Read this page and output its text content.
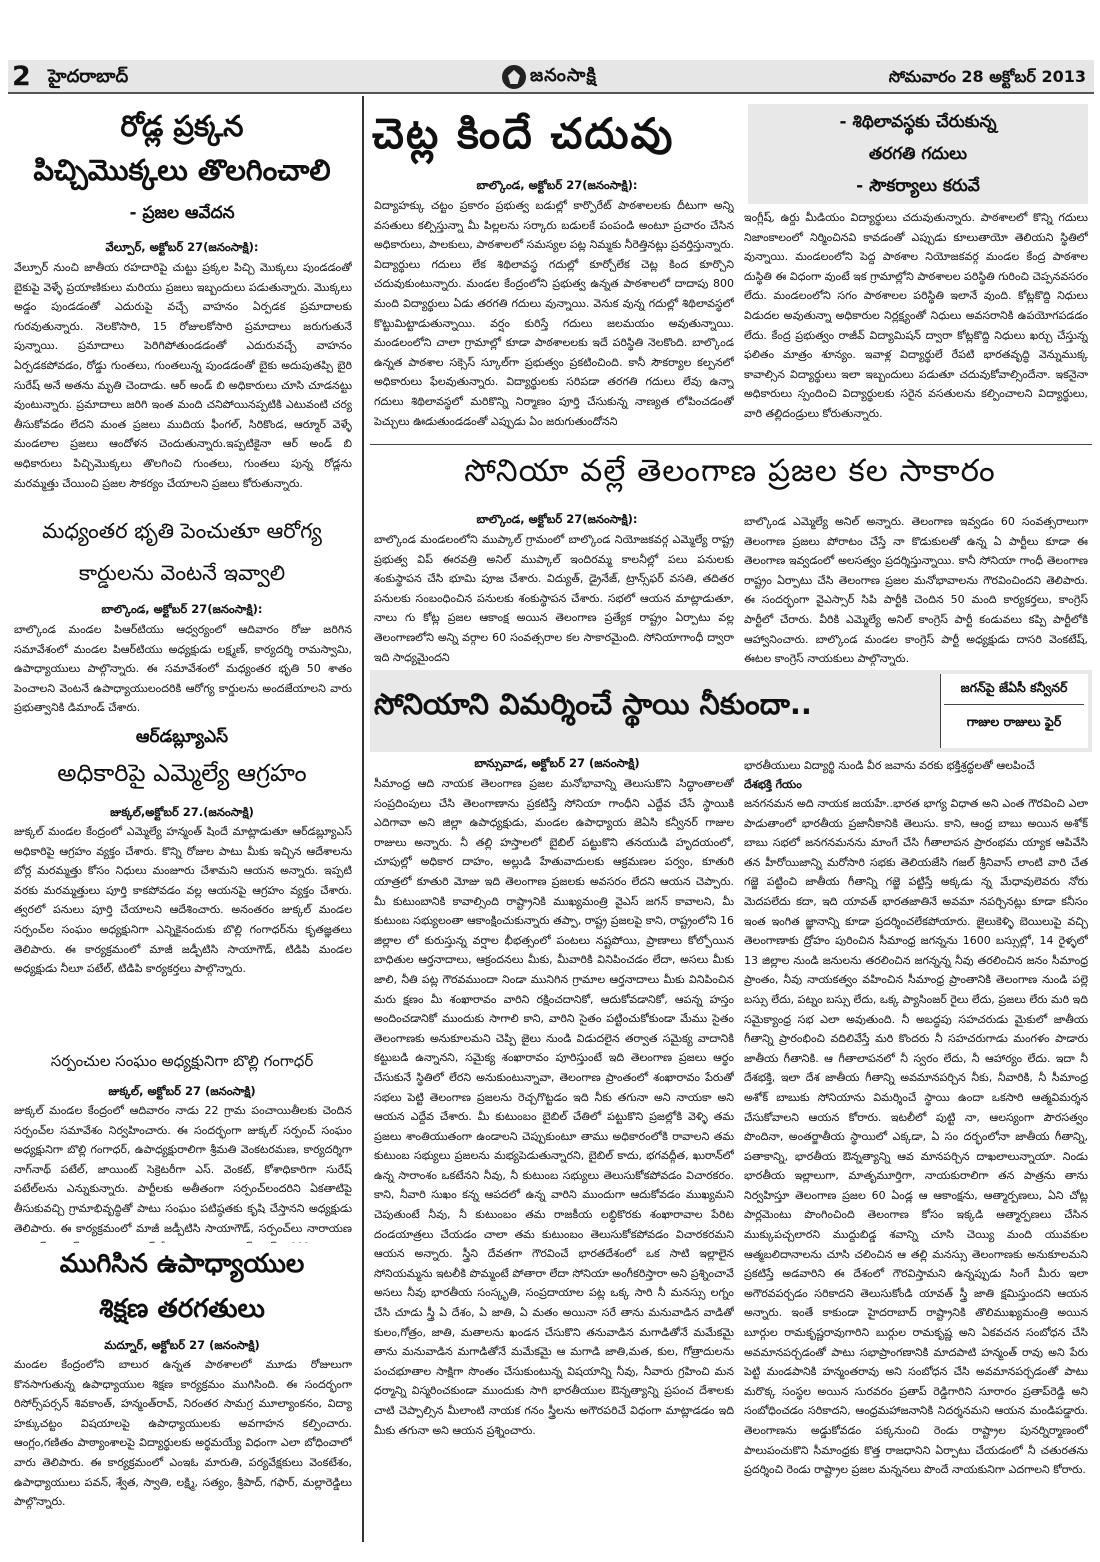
2 హైదరాబాద్	జనంసాక్షి	సోమవారం 28 అక్టోబర్ 2013
రోడ్ల ప్రక్కన
పిచ్చిమొక్కలు తొలగించాలి
- ప్రజల ఆవేదన
వేల్పూర్‌, అక్టోబర్‌ 27(జనంసాక్షి):
వేల్పూర్‌ నుంచి జాతీయ రహదారిపై చుట్టు ప్రక్కల పిచ్చి మొక్కలు పుండడంతో బైకుపై వెళ్ళే ప్రయాణికులు మరియు ప్రజలు ఇబ్బందులు పడుతున్నారు. మొక్కలు అడ్డం పుండడంతో ఎదురుపై వచ్చే వాహనం ఏర్పడక ప్రమాదాలకు గురవుతున్నారు. నెలకొసారి, 15 రోజులకోసారి ప్రమాదాలు జరుగుతునే పున్నాయి. ప్రమాదాలు పెరిగిపోతుండడంతో ఎదురువచ్చే వాహనం ఏర్పడకపోవడం, రోడ్డు గుంతలు, గుంతలున్న పుండడంతో బైకు అదుపుతప్పి బైరి సురేష్‌ అనే అతను మృతి చెందాడు. ఆర్‌ అండ్‌ బి అధికారులు చూసి చూడనట్టు వుంటున్నారు. ప్రమాదాలు జరిగి ఇంత మంది చనిపోయినప్పటికి ఎటువంటి చర్య తీసుకోవడం లేదని మంత ప్రజలు ముదియ ఫీంగల్‌, సిరికొండ, ఆర్మూర్‌ వెళ్ళే మండలాల ప్రజలు ఆందోళన చెందుతున్నారు.ఇప్పటికైనా ఆర్‌ అండ్‌ బి అధికారులు పిచ్చిమొక్కలు తొలగించి గుంతలు, గుంతలు పున్న రోడ్లను మరమ్మత్తు చేయించి ప్రజల సౌకర్యం చేయాలని ప్రజలు కోరుతున్నారు.
మధ్యంతర భృతి పెంచుతూ ఆరోగ్య
కార్డులను వెంటనే ఇవ్వాలి
బాల్కొండ, అక్టోబర్‌ 27(జనంసాక్షి):
బాల్కొండ మండల పిఆర్‌టియు ఆధ్వర్యంలో ఆదివారం రోజు జరిగిన సమావేశంలో మండల పిఆర్‌టియు అధ్యక్షుడు లక్ష్మణ్‌, కార్యదర్శి రామస్వామి, ఉపాధ్యాయులు పాల్గొన్నారు. ఈ సమావేశంలో మధ్యంతర భృతి 50 శాతం పెంచాలని వెంటనే ఉపాధ్యాయులందరికి ఆరోగ్య కార్డులను అందజేయాలని వారు ప్రభుత్వానికి డిమాండ్‌ చేశారు.
ఆర్‌డబ్ల్యూఎస్‌
అధికారిపై ఎమ్మెల్యే ఆగ్రహం
జుక్కల్‌,అక్టోబర్‌ 27.(జనంసాక్షి)
జుక్కల్‌ మండల కేంద్రంలో ఎమ్మెల్యే హన్మంత్‌ షిందే మాట్లాడుతూ ఆర్‌డబ్ల్యూఎస్‌ అధికారిపై ఆగ్రహం వ్యక్తం చేశారు. కొన్ని రోజుల పాటు మీకు ఇచ్చిన ఆదేశాలను బోర్ల మరమ్మత్తు కోసం నిధులు మంజూరు చేశామని ఆయన అన్నారు. ఇప్పటి వరకు మరమ్మత్తులు పూర్తి కాకపోవడం వల్ల ఆయనపై ఆగ్రహం వ్యక్తం చేశారు. త్వరలో పనులు పూర్తి చేయాలని ఆదేశించారు. అనంతరం జుక్కల్‌ మండల సర్పంచ్‌ల సంఘం అధ్యక్షునిగా ఎన్నికైనందుకు బొల్లి గంగాధర్‌ను కృతజ్ఞతలు తెలిపారు. ఈ కార్యక్రమంలో మాజీ జడ్పీటిసి సాయాగౌడ్‌, టిడిపి మండల అధ్యక్షుడు నీలూ పటేల్‌, టిడిపి కార్యకర్తలు పాల్గొన్నారు.
సర్పంచుల సంఘం అధ్యక్షునిగా బొల్లి గంగాధర్‌
జుక్కల్‌, అక్టోబర్‌ 27 (జనంసాక్షి)
జుక్కల్‌ మండల కేంద్రంలో ఆదివారం నాడు 22 గ్రామ పంచాయితీలకు చెందిన సర్పంచ్‌ల సమావేశం నిర్వహించారు. ఈ సందర్భంగా జుక్కల్‌ సర్పంచ్‌ సంఘం అధ్యక్షునిగా బొల్లి గంగాధర్‌, ఉపాధ్యక్షురాలిగా శ్రీమతి వెంకటరమణ, కార్యదర్శిగా నాగ్‌నాథ్‌ పటేల్‌, జాయింట్‌ సెక్రెటరీగా ఎస్‌. వెంకట్‌, కోశాధికారిగా సురేష్‌ పటేల్‌లను ఎన్నుకున్నారు. పార్టీలకు అతీతంగా సర్పంచ్‌లందరిని ఏకతాటిపై తీసుకువచ్చి గ్రామాభివృద్ధితో పాటు సంఘం పటిష్ఠతకు కృషి చేస్తానని అధ్యక్షుడు తెలిపారు. ఈ కార్యక్రమంలో మాజీ జడ్పీటిసి సాయాగౌడ్‌, సర్పంచ్‌లు నారాయణ
ముగిసిన ఉపాధ్యాయుల
శిక్షణ తరగతులు
మద్నూర్‌, అక్టోబర్‌ 27 (జనంసాక్షి)
మండల కేంద్రంలోని బాలుర ఉన్నత పాఠశాలలో మూడు రోజులుగా కొనసాగుతున్న ఉపాధ్యాయుల శిక్షణ కార్యక్రమం ముగిసింది. ఈ సందర్భంగా రిసోర్స్‌పర్సన్‌ శివకాంత్‌, హన్మంత్‌రావ్‌, నిరంతర సామగ్ర మూల్యాంకనం, విద్యా హక్కుచట్టం విషయాలపై ఉపాధ్యాయులకు అవగాహన కల్పించారు. ఆంగ్లం,గణితం పాఠ్యాంశాలపై విద్యార్థులకు అర్థమయ్యే విధంగా ఎలా బోధించాలో వారు తెలిపారు. ఈ కార్యక్రమంలో ఎంఇఓ మారుతి, పర్యవేక్షకులు వెంకటేశం, ఉపాధ్యాయులు పవన్‌, శ్వేత, స్వాతి, లక్ష్మి, సత్యం, శ్రీపాద్‌, గఫార్‌, మల్లారెడ్డిలు పాల్గొన్నారు.
చెట్ల కిందే చదువు	- శిథిలావస్థకు చేరుకున్న
తరగతి గదులు
- సౌకర్యాలు కరువే
బాల్కొండ, అక్టోబర్‌ 27(జనంసాక్షి):
విద్యాహక్కు చట్టం ప్రకారం ప్రభుత్వ బడుల్లో కార్పొరేట్‌ పాఠశాలలకు దీటుగా అన్ని వసతులు కల్పిస్తున్నా మీ పిల్లలను సర్కారు బడులకే పంపండి అంటూ ప్రచారం చేసిన అధికారులు, పాలకులు, పాఠశాలలో సమస్యల పట్ల నిమ్మకు నీరెత్తినట్లు ప్రవర్తిస్తున్నారు. విద్యార్థులు గదులు లేక శిథిలావస్థ గదుల్లో కూర్చోలేక చెట్ల కింద కూర్చొని చదువుకుంటున్నారు. మండల కేంద్రంలోని ప్రభుత్వ ఉన్నత పాఠశాలలో దాదాపు 800 మంది విద్యార్థులు ఏడు తరగతి గదులు వున్నాయి. వెనుక వున్న గదుల్లో శిథిలావస్థలో కొట్టుమిట్టాడుతున్నాయి. వర్షం కురిస్తే గదులు జలమయం అవుతున్నాయి. మండలంలోని చాలా గ్రామాల్లో కూడా పాఠశాలలకు ఇదే పరిస్థితి నెలకొంది. బాల్కొండ ఉన్నత పాఠశాల సక్సెస్‌ స్కూల్‌గా ప్రభుత్వం ప్రకటించింది. కానీ సౌకర్యాల కల్పనలో అధికారులు ఫేలవుతున్నారు. విద్యార్థులకు సరిపడా తరగతి గదులు లేవు ఉన్నా గదులు శిథిలావస్థలో మరికొన్ని నిర్మాణం పూర్తి చేసుకున్న నాణ్యత లోపించడంతో పెచ్చులు ఊడుతుండడంతో ఎప్పుడు ఏం జరుగుతుందోనని
ఇంగ్లీష్‌, ఉర్దు మీడియం విద్యార్థులు చదువుతున్నారు. పాఠశాలలో కొన్ని గదులు నిజాంకాలంలో నిర్మించినవి కావడంతో ఎప్పుడు కూలుతాయో తెలియని స్థితిలో వున్నాయి. మండలంలోని పెద్ద పాఠశాల నియోజకవర్గ మండల కేంద్ర పాఠశాల దుస్థితి ఈ విధంగా వుంటే ఇక గ్రామాల్లోని పాఠశాలల పరిస్థితి గురించి చెప్పనవసరం లేదు. మండలంలోని సగం పాఠశాలల పరిస్థితి ఇలానే వుంది. కోట్లకొద్ది నిధులు విడుదల అవుతున్నా అధికారుల నిర్లక్ష్యంతో నిధులు అవసరానికి ఉపయోగపడడం లేదు. కేంద్ర ప్రభుత్వం రాజీవ్‌ విద్యామిషన్‌ ద్వారా కోట్లకొద్ది నిధులు ఖర్చు చేస్తున్న ఫలితం మాత్రం శూన్యం. ఇవాళ్ల విద్యార్థులే రేపటి భారతవృద్ధి వెన్నుముక్క కావాల్సిన విద్యార్థులు ఇలా ఇబ్బందులు పడుతూ చదువుకోవాల్సిందేనా. ఇకనైనా అధికారులు స్పందించి విద్యార్థులకు సరైన వసతులను కల్పించాలని విద్యార్థులు, వారి తల్లిదండ్రులు కోరుతున్నారు.
సోనియా వల్లే తెలంగాణ ప్రజల కల సాకారం
బాల్కొండ, అక్టోబర్‌ 27(జనంసాక్షి):
బాల్కొండ మండలంలోని ముప్కాల్‌ గ్రామంలో బాల్కొండ నియోజకవర్గ ఎమ్మెల్యే రాష్ట్ర ప్రభుత్వ విప్‌ ఈరవత్రి అనిల్‌ ముప్కాల్‌ ఇందిరమ్మ కాలనీల్లో పలు పనులకు శంకుస్థాపన చేసి భూమి పూజ చేశారు. విద్యుత్‌, డ్రైనేజ్‌, ట్రాన్స్‌ఫర్‌ వసతి, తదితర పనులకు సంబంధించిన పనులకు శంకుస్థాపన చేశారు. సభలో ఆయన మాట్లాడుతూ, నాలు గు కోట్ల ప్రజల ఆకాంక్ష అయిన తెలంగాణ ప్రత్యేక రాష్ట్రం ఏర్పాటు వల్ల తెలంగాణలోని అన్ని వర్గాల 60 సంవత్సరాల కల సాకారమైంది. సోనియాగాంధీ ద్వారా ఇది సాధ్యమైందని
బాల్కొండ ఎమ్మెల్యే అనిల్‌ అన్నారు. తెలంగాణ ఇవ్వడం 60 సంవత్సరాలుగా తెలంగాణ ప్రజలు పోరాటం చేస్తే నా కొడుకులతో ఉన్న ఏ పార్టీలు కూడా ఈ తెలంగాణ ఇవ్వడంలో అలసత్వం ప్రదర్శిస్తున్నాయి. కానీ సోనియా గాంధీ తెలంగాణ రాష్ట్రం ఏర్పాటు చేసి తెలంగాణ ప్రజల మనోభావాలను గౌరవించిందని తెలిపారు. ఈ సందర్భంగా వైఎస్సార్‌ సిపి పార్టీకి చెందిన 50 మంది కార్యకర్తలు, కాంగ్రెస్‌ పార్టీలో చేరారు. వీరికి ఎమ్మెల్యే అనిల్‌ కాంగ్రెస్‌ పార్టీ కండువలు కప్పి పార్టీలోకి ఆహ్వానించారు. బాల్కొండ మండల కాంగ్రెస్‌ పార్టీ అధ్యక్షుడు దాసరి వెంకటేష్‌, ఈటల కాంగ్రెస్‌ నాయకులు పాల్గొన్నారు.
సోనియాని విమర్శించే స్థాయి నీకుందా..	జగన్‌పై జేఏసీ కన్వీనర్‌
గాజుల రాజులు ఫైర్‌
బాన్సువాడ, అక్టోబర్‌ 27 (జనంసాక్షి)
సీమాంధ్ర ఆది నాయక తెలంగాణ ప్రజల మనోభావాన్ని తెలుసుకొని సిద్ధాంతాలతో సంప్రదింపులు చేసి తెలంగాణాను ప్రకటిస్తే సోనియా గాంధీని ఎద్దేవ చేసే స్థాయికి ఎదిగావా అని జిల్లా ఉపాధ్యక్షుడు, మండల ఉపాధ్యాయ జెఏసి కన్వీనర్‌ గాజుల రాజులు అన్నారు. నీ తల్లి హస్తాలలో బైబిల్‌ పట్టుకొని తనయుడి హృదయంలో, చూపుల్లో అధికార దాహం, అల్లుడి హేతువాదులకు ఆక్రమణల పర్వం, కూతురి యాత్రలో కూతురి మోజు ఇది తెలంగాణ ప్రజలకు అవసరం లేదని ఆయన చెప్పారు. మీ కుటుంబానికి కావాల్సింది రాష్ట్రానికి ముఖ్యమంత్రి వైఎస్‌ జగన్‌ కావాలని, మీ కుటుంబ సభ్యులంతా ఆకాంక్షించుకున్నారు తప్పా, రాష్ట్ర ప్రజలపై కాని, రాష్ట్రంలోని 16 జిల్లాల లో కురుస్తున్న వర్షాల భీభత్సంలో పంటలు నష్టపోయి, ప్రాణాలు కోల్పోయిన బాధితుల ఆర్తనాదాలు, ఆక్రందనలు మీకు, మీవారికి వినిపించడం లేదా, అసలు మీకు జాలి, నీతి పట్ల గౌరవముందా నిండా మునిగిన గ్రామాల ఆర్తనాదాలు మీకు వినిపించిన మరు క్షణం మీ శంఖారావం వారిని రక్షించదానికో, ఆదుకోవడానికో, ఆపన్న హస్తం అందించడానికో ముందుకు సాగాలి కాని, వారిని సైతం పట్టించుకోకుండా మేము సైతం తెలంగాణకు అనుకూలమని చెప్పి జైలు నుండి విడుదలైన తర్వాత సమైక్య వాదానికి కట్టుబడి ఉన్నానని, సమైక్య శంఖారావం పూరిస్తుంటే ఇది తెలంగాణ ప్రజలు ఆర్థం చేసుకునే స్థితిలో లేరని అనుకుంటున్నావా, తెలంగాణ ప్రాంతంలో శంఖారావం పేరుతో సభలు పెట్టి తెలంగాణ ప్రజలను రెచ్చగొట్టడం ఇది నీకు తగునా అని నాయకా అని ఆయన ఎద్దేవ చేశారు. మీ కుటుంబం బైబిల్‌ చేతిలో పట్టుకొని ప్రజల్లోకి వెళ్ళి తమ ప్రజలు శాంతియుతంగా ఉండాలని చెప్పుకుంటూ తాము అధికారంలోకి రావాలని తమ కుటుంబ సభ్యులు ప్రజలను మభ్యపెడుతున్నారని, బైబిల్‌ కాదు, భగవద్గీత, ఖురాన్‌లో ఉన్న సారాంశం ఒకటేనని నీవు, నీ కుటుంబ సభ్యులు తెలుసుకోకపోవడం విచారకరం. కాని, నీవారి సుఖం కన్న ఆపదలో ఉన్న వారిని ముందుగా ఆదుకోవడం ముఖ్యమని చెపుతుంటే నీవు, నీ కుటుంబం తమ రాజకీయ లబ్ధికొరకు శంఖారావాల పేరిట దండయాత్రలు చేయడం చాలా తమ కుటుంబం తెలుసుకోకపోవడం విచారకరమని ఆయన అన్నారు. స్త్రీని దేవతగా గౌరవించే భారతదేశంలో ఒక సాటి ఇల్లాలైన సోనియమ్మను ఇటలీకి పొమ్మంటే పోతారా లేదా సోనియా అంగీకరిస్తారా అని ప్రశ్నించావే అసలు నీవు భారతీయ సంస్కృతి, సంప్రదాయాల పట్ల ఒక్క సారి నీ మనస్సు లగ్నం చేసి చూడు స్త్రీ ఏ దేశం, ఏ జాతి, ఏ మతం అయినా సరే తాను మనువాడిన వాడితో కులం,గోత్రం, జాతి, మతాలను ఖండన చేసుకొని తనువాడిన మగాడితోనే మమేకమై తాను మనువాడిన మగాడితోనే మమేకమై ఆ మగాడి జాతి,మత, కుల, గోత్రాదులను పంచభూతాల సాక్షిగా సొంతం చేసుకుంటున్న విషయాన్ని నీవు, నీవారు గ్రహించి మన ధర్మాన్ని విస్మరించకుండా ముందుకు సాగి భారతీయుల ఔన్నత్యాన్ని ప్రపంచ దేశాలకు చాటి చెప్పాల్సిన మీలాంటి నాయక గనం స్త్రీలను అగౌరపరిచే విధంగా మాట్లాడడం ఇది మీకు తగునా అని ఆయన ప్రశ్నించారు.
భారతీయులు విద్యార్థి నుండి వీర జవాను వరకు భక్తిశ్రద్ధలతో ఆలపించే
దేశభక్తి గేయం
జనగనమన అది నాయక జయహే..భారత భాగ్య విధాత అని ఎంత గౌరవించి ఎలా పాడుతాంలో భారతీయ ప్రజానీకానికి తెలుసు. కాని, ఆంధ్ర బాబు అయిన అశోక్‌ బాబు సభలో జనగనమనను మాంగే చేసి గీతాలాపన ప్రారంభమ య్యాక ఆపివేసి తన హీరోయిజాన్ని మరోసారి సభకు తెలియజేసి గజల్‌ శ్రీనివాస్‌ లాంటి వారి చేత గజ్జె పట్టించి జాతీయ గీతాన్ని గజ్జె పట్టిస్తే అక్కడు న్న మేధావులెవరు నోరు మెదపలేదు కదా, ఇది యావత్‌ భారతజాతినే అవమా నపర్చినట్లు కూడా కనీసం ఇంత ఇంగిత జ్ఞానాన్ని కూడా ప్రదర్శించలేకపోయారు. జైలుకెళ్ళి బెయిలుపై వచ్చి తెలంగాణాకు ద్రోహం పురించిన సీమాంధ్ర జగన్నను 1600 బస్సుల్లో, 14 రైళ్ళలో 13 జిల్లాల నుండి జనులను తరలించిన జగన్నన్న నీవు తరలించిన జనం సీమాంధ్ర ప్రాంతం, నీవు నాయకత్వం వహించిన సీమాంధ్ర ప్రాంతానికి తెలంగాణ నుండి పల్లె బస్సు లేదు, పట్నం బస్సు లేదు, ఒక్క ప్యాసింజర్‌ రైలు లేదు, ప్రజలు లేరు మరి ఇది సమైక్యాంధ్ర సభ ఎలా అవుతుంది. నీ అబద్ధపు సహచరుడు మైకులో జాతీయ గీతాన్ని ప్రారంభించి వదిలివేస్తే మరి కొందరు నీ సహచరుగాడు మంగళం పాడారు జాతీయ గీతానికి. ఆ గీతాలాపనలో నీ స్వరం లేదు, నీ ఆహార్యం లేదు. ఇదా నీ దేశభక్తి, ఇలా దేశ జాతీయ గీతాన్ని అవమానపర్చిన నీకు, నీవారికి, నీ సీమాంధ్ర అశోక్‌ బాబుకు సోనియాను విమర్శించే స్థాయి ఉందా ఒకసారి ఆత్మవిమర్శన చేసుకోవాలని ఆయన కోరారు. ఇటలీలో పుట్టి నా, ఆలస్యంగా పౌరసత్వం పొందినా, అంతర్జాతీయ స్థాయిలో ఎక్కడా, ఏ సం దర్భంలోనా జాతీయ గీతాన్ని, పతాకాన్ని, భారతీయ ఔన్నత్యాన్ని ఆవ మానపర్చిన దాఖలాలున్నాయా. నిండు భారతీయ ఇల్లాలుగా, మాతృమూర్తిగా, నాయకురాలిగా తన పాత్రను తాను నిర్వహిస్తూ తెలంగాణ ప్రజల 60 ఏండ్ల ఆ ఆకాంక్షను, ఆత్మార్పణలు, ఏని చోట్ల పార్లమెంటు పొంగించింది తెలంగాణ కోసం ఇక్కడి ఆత్మార్పణలు చేసిన ముక్కుపచ్చలారని ముద్దుబిడ్డ శవాన్ని చూసి చెయ్యి మంది యువకుల ఆత్మబలిదానాలను చూసి చలించిన ఆ తల్లి మనస్సు తెలంగాణకు అనుకూలమని ప్రకటిస్తే అడవారిని ఈ దేశంలో గౌరవిస్తామని ఉన్నప్పుడు సింగే మీరు ఇలా అగౌరవపర్చడం సరికాదని తెలుసుకోండి యావత్‌ స్త్రీ జాతి క్షమిస్తుందని ఆయన అన్నారు. ఇంతే కాకుండా హైదరాబాద్‌ రాష్ట్రానికి తొలిముఖ్యమంత్రి అయిన బూర్గుల రామకృష్ణరావుగారిని బుర్గుల రామకృష్ణ అని ఏకవచన సంబోధన చేసి అవమానపర్చడంతో పాటు సభాప్రాంగణానికి మాదపాటి హన్మంత్‌ రావు అని పేరు పెట్టి మండపానికి హన్మంతరావు అని సంబోధన చేసి అవమానపర్చడంతో పాటు మరొక్క సంస్థల అయిన సురవరం ప్రతాప్‌ రెడ్డిగారిని సూరారం ప్రతాప్‌రెడ్డి అని సంబోధించడం సరికాదని, ఆంధ్రమహాజనానికి నిదర్శనమని ఆయన మండిపడ్డారు. తెలంగాణను అడ్డుకోవడం పక్కనుంచి రెండు రాష్ట్రాల పునర్నిర్మాణంలో పాలుపంచుకొని సీమాంధ్రకు కొత్త రాజధానిని ఏర్పాటు చేయడంలో నీ చతురతను ప్రదర్శించి రెండు రాష్ట్రాల ప్రజల మన్ననలు పొందే నాయకునిగా ఎదగాలని కోరారు.
